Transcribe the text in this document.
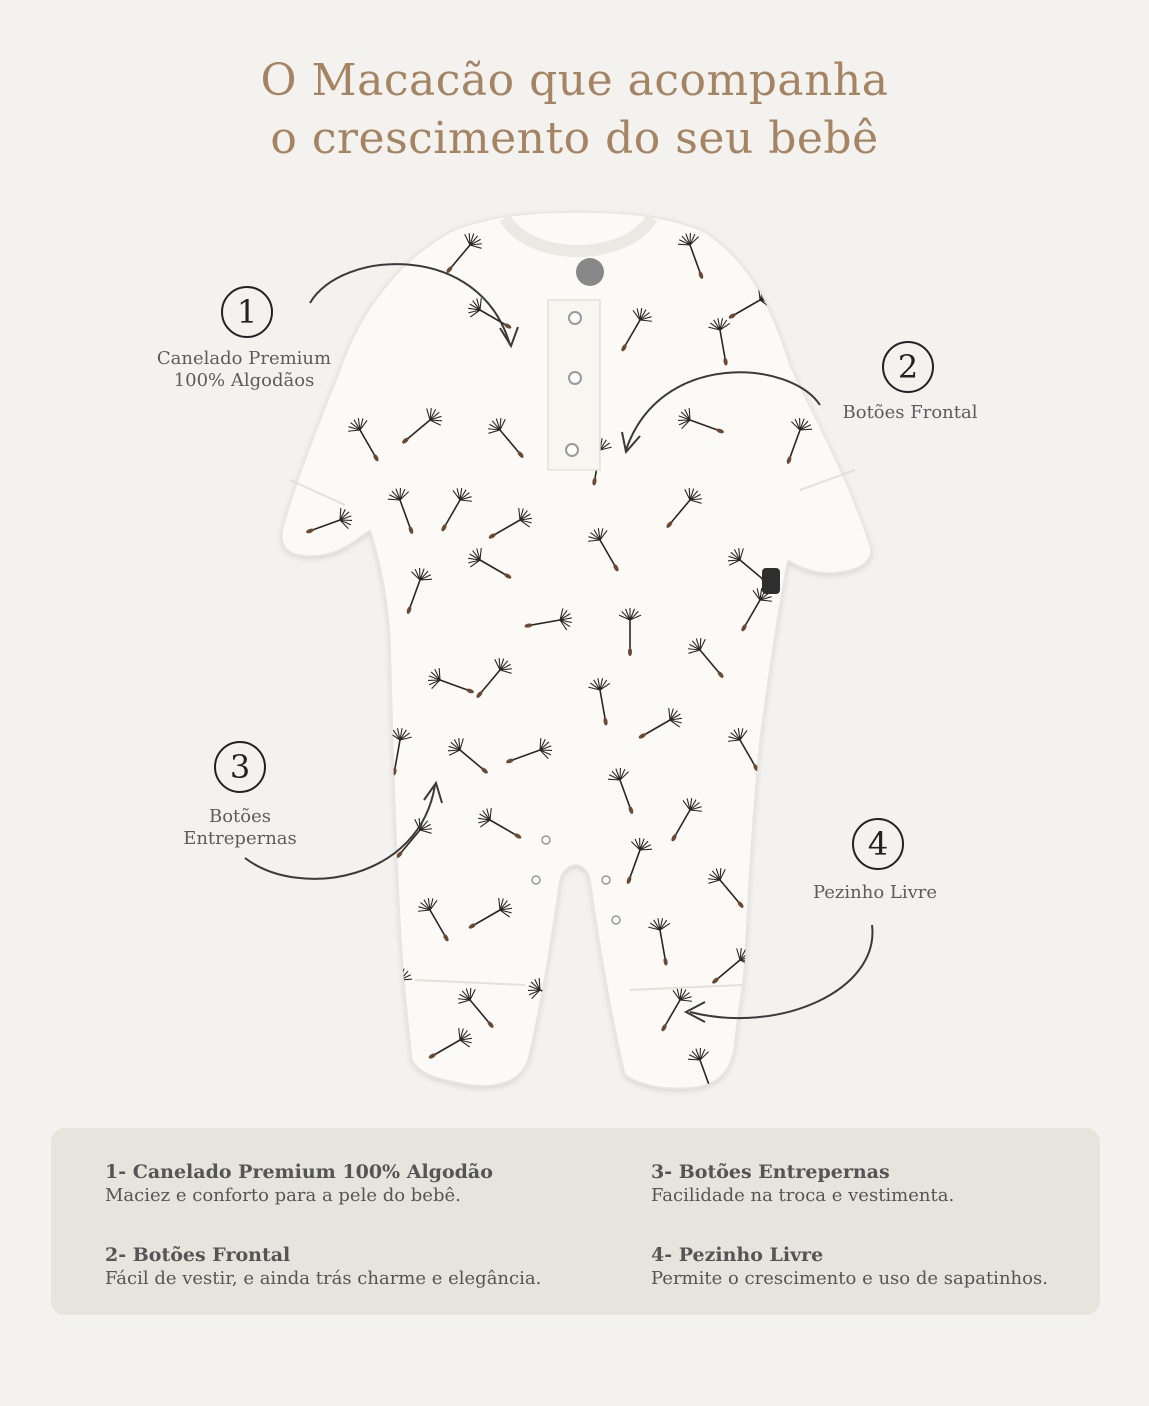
O Macacão que acompanha
o crescimento do seu bebê
1
Canelado Premium
100% Algodãos	2
Botões Frontal
3
Botões
Entrepernas	4
Pezinho Livre
1- Canelado Premium 100% Algodão
Maciez e conforto para a pele do bebê.
3- Botões Entrepernas
Facilidade na troca e vestimenta.
2- Botões Frontal
Fácil de vestir, e ainda trás charme e elegância.
4- Pezinho Livre
Permite o crescimento e uso de sapatinhos.
